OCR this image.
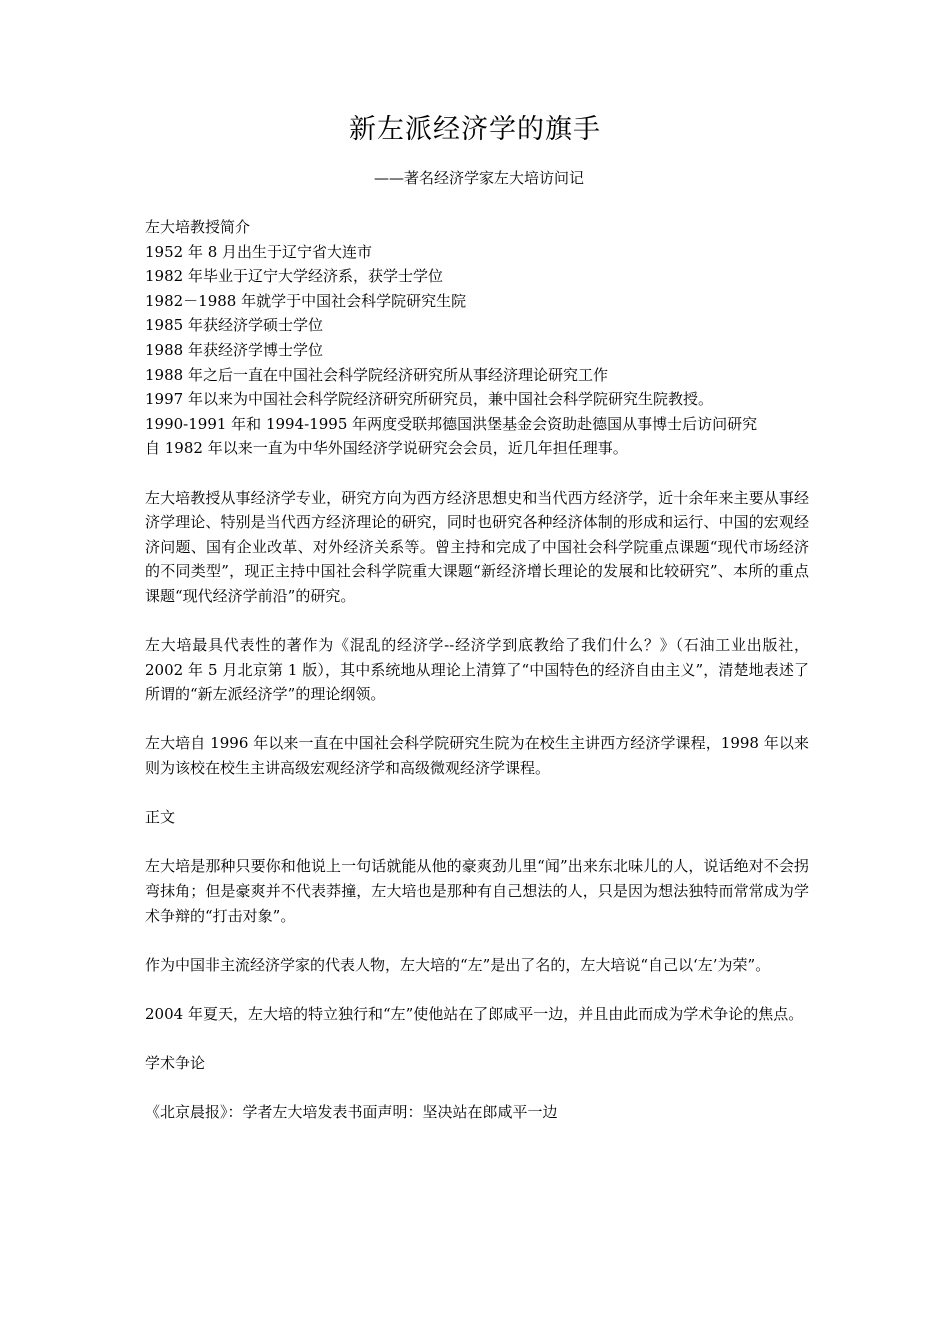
新左派经济学的旗手
——著名经济学家左大培访问记
左大培教授简介
1952 年 8 月出生于辽宁省大连市
1982 年毕业于辽宁大学经济系，获学士学位
1982－1988 年就学于中国社会科学院研究生院
1985 年获经济学硕士学位
1988 年获经济学博士学位
1988 年之后一直在中国社会科学院经济研究所从事经济理论研究工作
1997 年以来为中国社会科学院经济研究所研究员，兼中国社会科学院研究生院教授。
1990-1991 年和 1994-1995 年两度受联邦德国洪堡基金会资助赴德国从事博士后访问研究
自 1982 年以来一直为中华外国经济学说研究会会员，近几年担任理事。

左大培教授从事经济学专业，研究方向为西方经济思想史和当代西方经济学，近十余年来主要从事经济学理论、特别是当代西方经济理论的研究，同时也研究各种经济体制的形成和运行、中国的宏观经济问题、国有企业改革、对外经济关系等。曾主持和完成了中国社会科学院重点课题“现代市场经济的不同类型”，现正主持中国社会科学院重大课题“新经济增长理论的发展和比较研究”、本所的重点课题“现代经济学前沿”的研究。

左大培最具代表性的著作为《混乱的经济学--经济学到底教给了我们什么？》（石油工业出版社，2002 年 5 月北京第 1 版），其中系统地从理论上清算了“中国特色的经济自由主义”，清楚地表述了所谓的“新左派经济学”的理论纲领。

左大培自 1996 年以来一直在中国社会科学院研究生院为在校生主讲西方经济学课程，1998 年以来则为该校在校生主讲高级宏观经济学和高级微观经济学课程。

正文

左大培是那种只要你和他说上一句话就能从他的豪爽劲儿里“闻”出来东北味儿的人，说话绝对不会拐弯抹角；但是豪爽并不代表莽撞，左大培也是那种有自己想法的人，只是因为想法独特而常常成为学术争辩的“打击对象”。

作为中国非主流经济学家的代表人物，左大培的“左”是出了名的，左大培说“自己以‘左’为荣”。

2004 年夏天，左大培的特立独行和“左”使他站在了郎咸平一边，并且由此而成为学术争论的焦点。

学术争论
《北京晨报》：学者左大培发表书面声明：坚决站在郎咸平一边
